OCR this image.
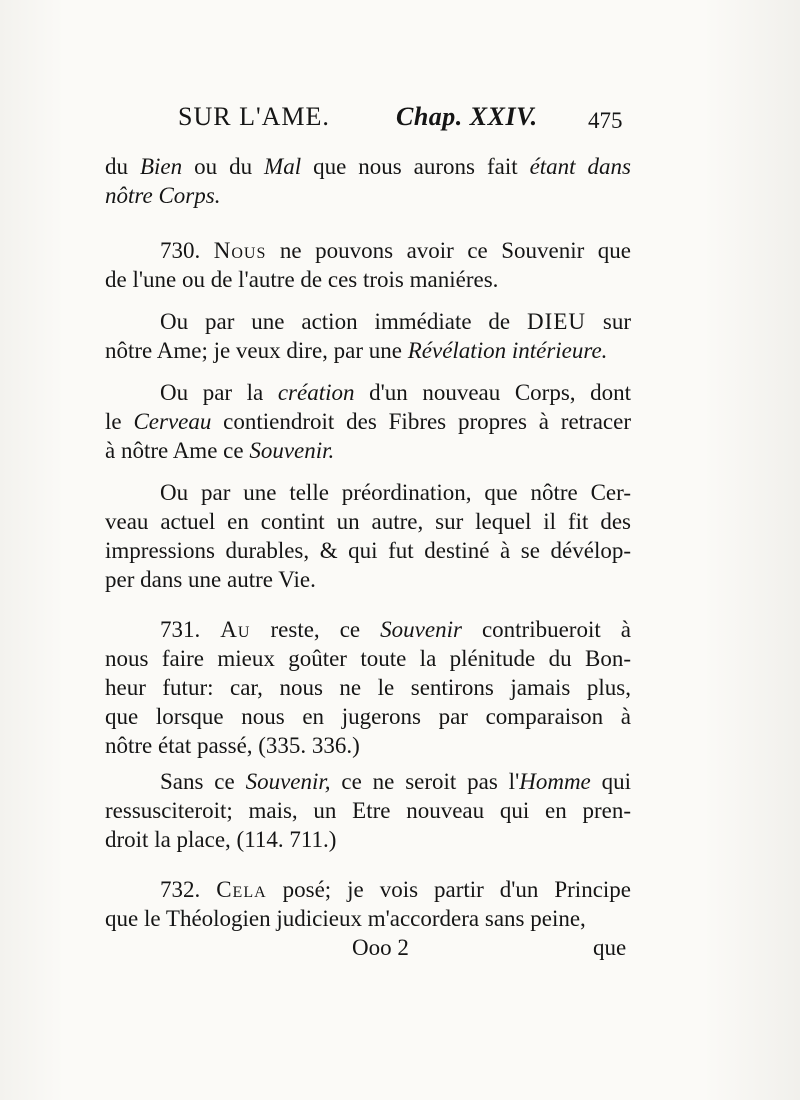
SUR L'AME.	Chap. XXIV. 475
du Bien ou du Mal que nous aurons fait étant dans
nôtre Corps.
730. Nous ne pouvons avoir ce Souvenir que
de l'une ou de l'autre de ces trois maniéres.
Ou par une action immédiate de DIEU sur
nôtre Ame; je veux dire, par une Révélation intérieure.
Ou par la création d'un nouveau Corps, dont
le Cerveau contiendroit des Fibres propres à retracer
à nôtre Ame ce Souvenir.
Ou par une telle préordination, que nôtre Cer-
veau actuel en contint un autre, sur lequel il fit des
impressions durables, & qui fut destiné à se dévélop-
per dans une autre Vie.
731. Au reste, ce Souvenir contribueroit à
nous faire mieux goûter toute la plénitude du Bon-
heur futur: car, nous ne le sentirons jamais plus,
que lorsque nous en jugerons par comparaison à
nôtre état passé, (335. 336.)
Sans ce Souvenir, ce ne seroit pas l'Homme qui
ressusciteroit; mais, un Etre nouveau qui en pren-
droit la place, (114. 711.)
732. Cela posé; je vois partir d'un Principe
que le Théologien judicieux m'accordera sans peine,
Ooo 2	que
